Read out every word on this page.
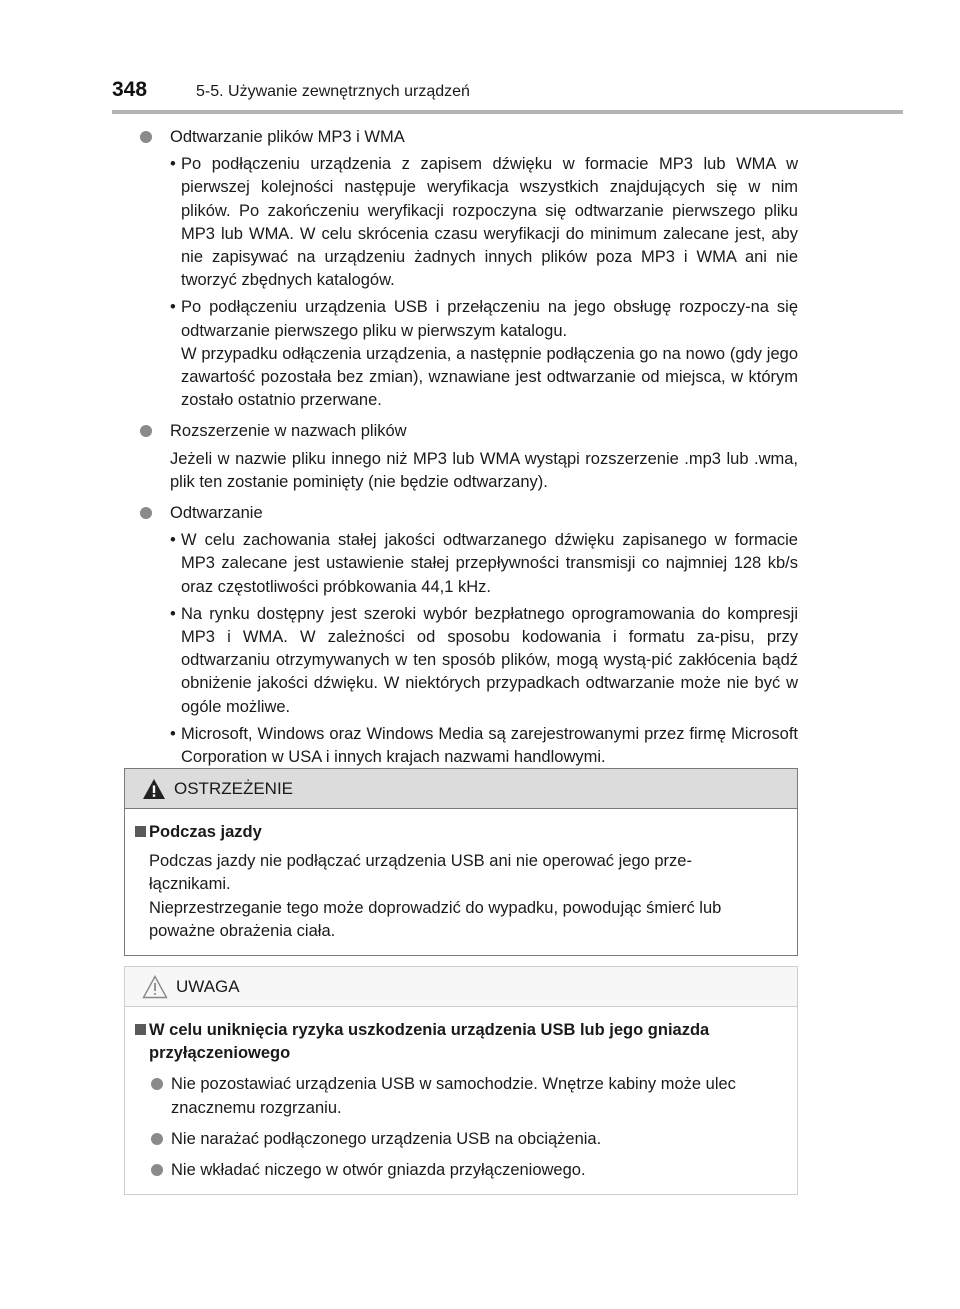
348	5-5. Używanie zewnętrznych urządzeń
Odtwarzanie plików MP3 i WMA
• Po podłączeniu urządzenia z zapisem dźwięku w formacie MP3 lub WMA w pierwszej kolejności następuje weryfikacja wszystkich znajdujących się w nim plików. Po zakończeniu weryfikacji rozpoczyna się odtwarzanie pierwszego pliku MP3 lub WMA. W celu skrócenia czasu weryfikacji do minimum zalecane jest, aby nie zapisywać na urządzeniu żadnych innych plików poza MP3 i WMA ani nie tworzyć zbędnych katalogów.
• Po podłączeniu urządzenia USB i przełączeniu na jego obsługę rozpoczy-na się odtwarzanie pierwszego pliku w pierwszym katalogu.
W przypadku odłączenia urządzenia, a następnie podłączenia go na nowo (gdy jego zawartość pozostała bez zmian), wznawiane jest odtwarzanie od miejsca, w którym zostało ostatnio przerwane.
Rozszerzenie w nazwach plików
Jeżeli w nazwie pliku innego niż MP3 lub WMA wystąpi rozszerzenie .mp3 lub .wma, plik ten zostanie pominięty (nie będzie odtwarzany).
Odtwarzanie
• W celu zachowania stałej jakości odtwarzanego dźwięku zapisanego w formacie MP3 zalecane jest ustawienie stałej przepływności transmisji co najmniej 128 kb/s oraz częstotliwości próbkowania 44,1 kHz.
• Na rynku dostępny jest szeroki wybór bezpłatnego oprogramowania do kompresji MP3 i WMA. W zależności od sposobu kodowania i formatu za-pisu, przy odtwarzaniu otrzymywanych w ten sposób plików, mogą wystą-pić zakłócenia bądź obniżenie jakości dźwięku. W niektórych przypadkach odtwarzanie może nie być w ogóle możliwe.
• Microsoft, Windows oraz Windows Media są zarejestrowanymi przez firmę Microsoft Corporation w USA i innych krajach nazwami handlowymi.
OSTRZEŻENIE
Podczas jazdy
Podczas jazdy nie podłączać urządzenia USB ani nie operować jego prze-łącznikami.
Nieprzestrzeganie tego może doprowadzić do wypadku, powodując śmierć lub poważne obrażenia ciała.
UWAGA
W celu uniknięcia ryzyka uszkodzenia urządzenia USB lub jego gniazda przyłączeniowego
Nie pozostawiać urządzenia USB w samochodzie. Wnętrze kabiny może ulec znacznemu rozgrzaniu.
Nie narażać podłączonego urządzenia USB na obciążenia.
Nie wkładać niczego w otwór gniazda przyłączeniowego.
